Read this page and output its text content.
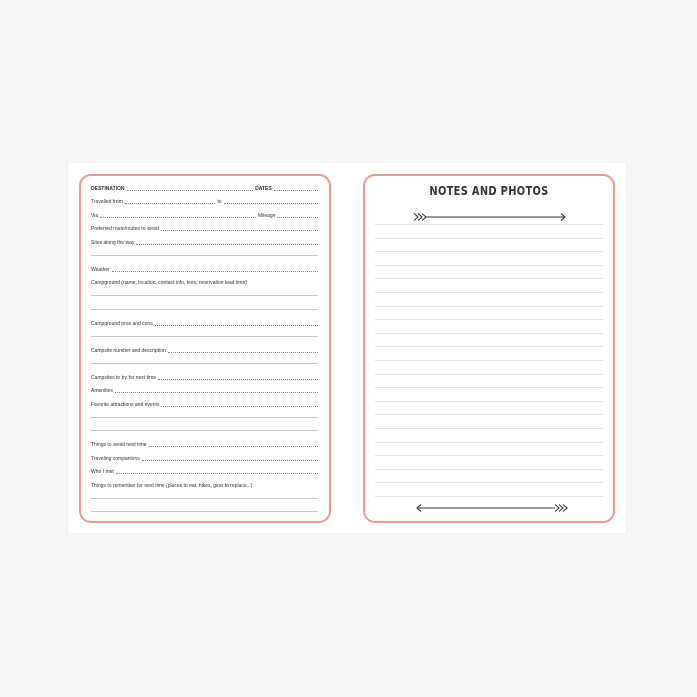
DESTINATION	DATES
Travelled from	to
Via	Mileage
Preferred route/routes to avoid
Sites along the way
Weather
Campground (name, location, contact info, fees, reservation lead time)
Campground pros and cons
Campsite number and description
Campsites to try for next time
Amenities
Favorite attractions and events
Things to avoid next time
Traveling companions
Who I met
Things to remember for next time (places to eat, hikes, gear to replace...)
NOTES AND PHOTOS
